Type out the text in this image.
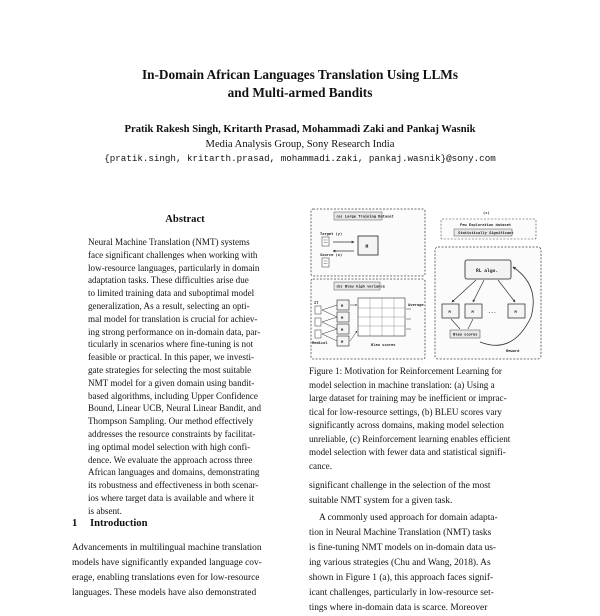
In-Domain African Languages Translation Using LLMs
and Multi-armed Bandits
Pratik Rakesh Singh, Kritarth Prasad, Mohammadi Zaki and Pankaj Wasnik
Media Analysis Group, Sony Research India
{pratik.singh, kritarth.prasad, mohammadi.zaki, pankaj.wasnik}@sony.com
Abstract
Neural Machine Translation (NMT) systems
face significant challenges when working with
low-resource languages, particularly in domain
adaptation tasks. These difficulties arise due
to limited training data and suboptimal model
generalization, As a result, selecting an opti-
mal model for translation is crucial for achiev-
ing strong performance on in-domain data, par-
ticularly in scenarios where fine-tuning is not
feasible or practical. In this paper, we investi-
gate strategies for selecting the most suitable
NMT model for a given domain using bandit-
based algorithms, including Upper Confidence
Bound, Linear UCB, Neural Linear Bandit, and
Thompson Sampling. Our method effectively
addresses the resource constraints by facilitat-
ing optimal model selection with high confi-
dence. We evaluate the approach across three
African languages and domains, demonstrating
its robustness and effectiveness in both scenar-
ios where target data is available and where it
is absent.
1 Introduction
Advancements in multilingual machine translation
models have significantly expanded language cov-
erage, enabling translations even for low-resource
languages. These models have also demonstrated
(a) Large Training Dataset
Target (y)
Source (x)
M
(b) Bleu high variance
IT
Medical
M
M
M
M
Average
Bleu scores
(c)
Few Exploration dataset
Statistically Significant
RL algo.
M	M	...	M
Bleu scores
Reward
Figure 1: Motivation for Reinforcement Learning for
model selection in machine translation: (a) Using a
large dataset for training may be inefficient or imprac-
tical for low-resource settings, (b) BLEU scores vary
significantly across domains, making model selection
unreliable, (c) Reinforcement learning enables efficient
model selection with fewer data and statistical signifi-
cance.
significant challenge in the selection of the most
suitable NMT system for a given task.
A commonly used approach for domain adapta-
tion in Neural Machine Translation (NMT) tasks
is fine-tuning NMT models on in-domain data us-
ing various strategies (Chu and Wang, 2018). As
shown in Figure 1 (a), this approach faces signif-
icant challenges, particularly in low-resource set-
tings where in-domain data is scarce. Moreover
